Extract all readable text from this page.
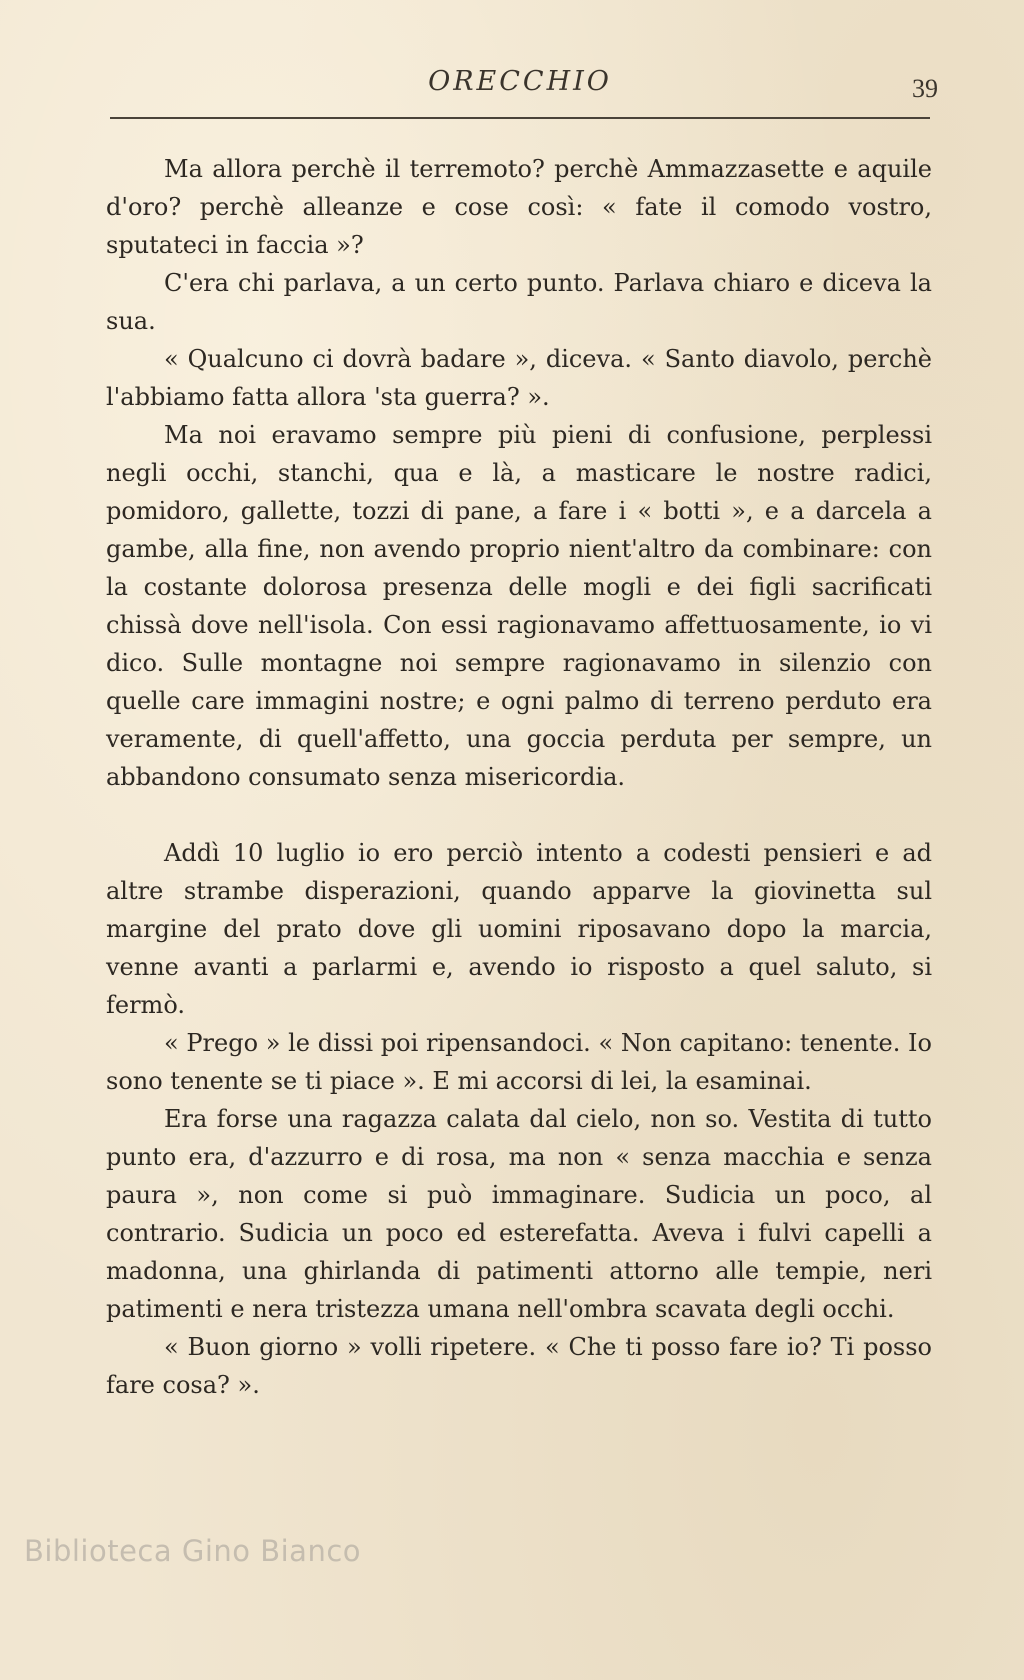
ORECCHIO	39

Ma allora perchè il terremoto? perchè Ammazzasette e aquile d'oro? perchè alleanze e cose così: « fate il comodo vostro, sputateci in faccia »?

C'era chi parlava, a un certo punto. Parlava chiaro e diceva la sua.

« Qualcuno ci dovrà badare », diceva. « Santo diavolo, perchè l'abbiamo fatta allora 'sta guerra? ».

Ma noi eravamo sempre più pieni di confusione, perplessi negli occhi, stanchi, qua e là, a masticare le nostre radici, pomidoro, gallette, tozzi di pane, a fare i « botti », e a darcela a gambe, alla fine, non avendo proprio nient'altro da combinare: con la costante dolorosa presenza delle mogli e dei figli sacrificati chissà dove nell'isola. Con essi ragionavamo affettuosamente, io vi dico. Sulle montagne noi sempre ragionavamo in silenzio con quelle care immagini nostre; e ogni palmo di terreno perduto era veramente, di quell'affetto, una goccia perduta per sempre, un abbandono consumato senza misericordia.

Addì 10 luglio io ero perciò intento a codesti pensieri e ad altre strambe disperazioni, quando apparve la giovinetta sul margine del prato dove gli uomini riposavano dopo la marcia, venne avanti a parlarmi e, avendo io risposto a quel saluto, si fermò.

« Prego » le dissi poi ripensandoci. « Non capitano: tenente. Io sono tenente se ti piace ». E mi accorsi di lei, la esaminai.

Era forse una ragazza calata dal cielo, non so. Vestita di tutto punto era, d'azzurro e di rosa, ma non « senza macchia e senza paura », non come si può immaginare. Sudicia un poco, al contrario. Sudicia un poco ed esterefatta. Aveva i fulvi capelli a madonna, una ghirlanda di patimenti attorno alle tempie, neri patimenti e nera tristezza umana nell'ombra scavata degli occhi.

« Buon giorno » volli ripetere. « Che ti posso fare io? Ti posso fare cosa? ».

Biblioteca Gino Bianco
